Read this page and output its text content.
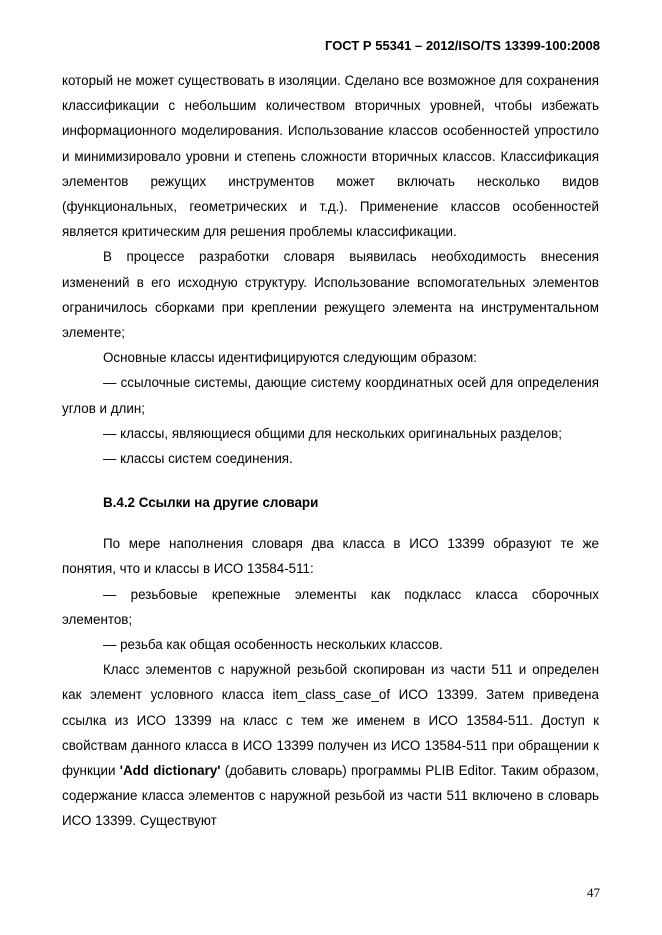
ГОСТ Р 55341 – 2012/ISO/TS 13399-100:2008

который не может существовать в изоляции. Сделано все возможное для сохранения классификации с небольшим количеством вторичных уровней, чтобы избежать информационного моделирования. Использование классов особенностей упростило и минимизировало уровни и степень сложности вторичных классов. Классификация элементов режущих инструментов может включать несколько видов (функциональных, геометрических и т.д.). Применение классов особенностей является критическим для решения проблемы классификации.

В процессе разработки словаря выявилась необходимость внесения изменений в его исходную структуру. Использование вспомогательных элементов ограничилось сборками при креплении режущего элемента на инструментальном элементе;

Основные классы идентифицируются следующим образом:

— ссылочные системы, дающие систему координатных осей для определения углов и длин;

— классы, являющиеся общими для нескольких оригинальных разделов;

— классы систем соединения.

В.4.2 Ссылки на другие словари

По мере наполнения словаря два класса в ИСО 13399 образуют те же понятия, что и классы в ИСО 13584-511:

— резьбовые крепежные элементы как подкласс класса сборочных элементов;

— резьба как общая особенность нескольких классов.

Класс элементов с наружной резьбой скопирован из части 511 и определен как элемент условного класса item_class_case_of ИСО 13399. Затем приведена ссылка из ИСО 13399 на класс с тем же именем в ИСО 13584-511. Доступ к свойствам данного класса в ИСО 13399 получен из ИСО 13584-511 при обращении к функции 'Add dictionary' (добавить словарь) программы PLIB Editor. Таким образом, содержание класса элементов с наружной резьбой из части 511 включено в словарь ИСО 13399. Существуют

47
